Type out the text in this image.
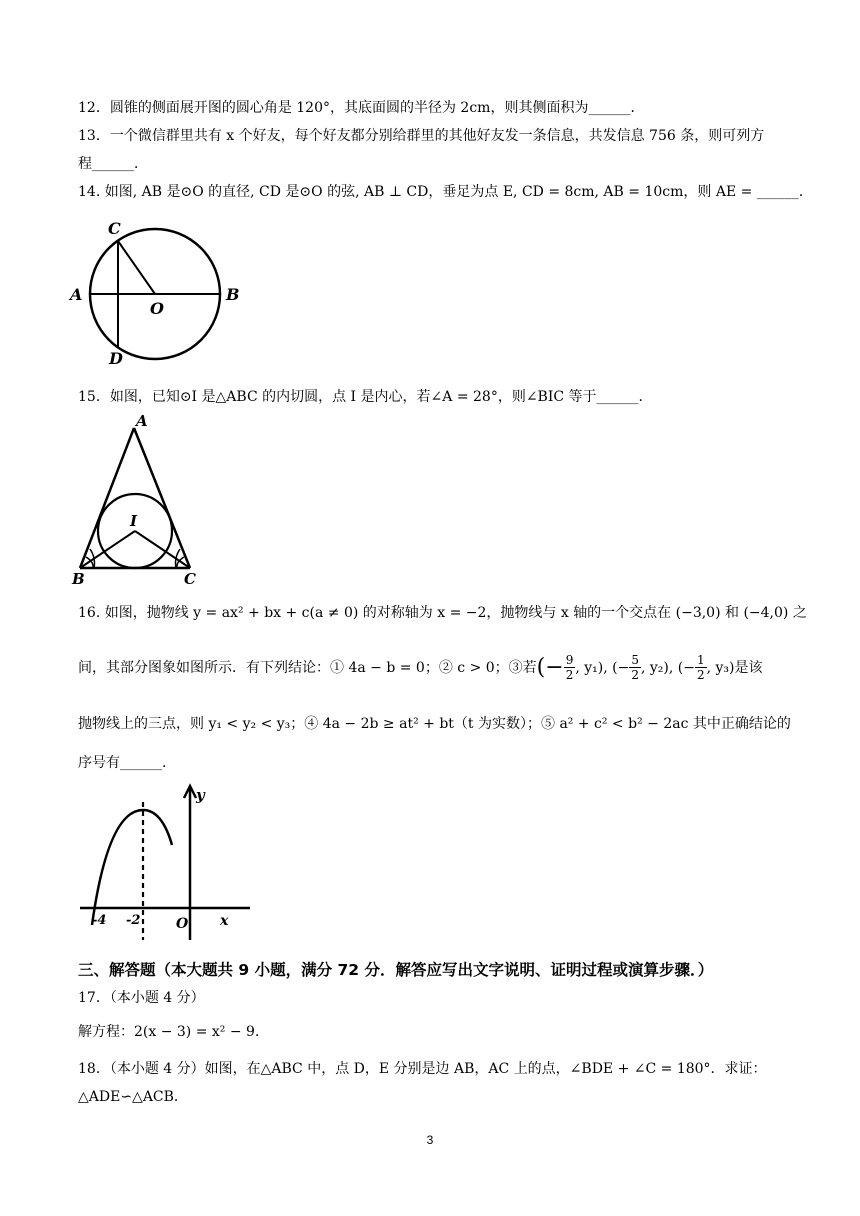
12．圆锥的侧面展开图的圆心角是 120°，其底面圆的半径为 2cm，则其侧面积为______．
13．一个微信群里共有 x 个好友，每个好友都分别给群里的其他好友发一条信息，共发信息 756 条，则可列方
程______．
14. 如图, AB 是⊙O 的直径, CD 是⊙O 的弦, AB ⊥ CD，垂足为点 E, CD = 8cm, AB = 10cm，则 AE = ______.
C
A
O
B
D
15．如图，已知⊙I 是△ABC 的内切圆，点 I 是内心，若∠A = 28°，则∠BIC 等于______．
A
I
B	C
16. 如图，抛物线 y = ax² + bx + c(a ≠ 0) 的对称轴为 x = −2，抛物线与 x 轴的一个交点在 (−3,0) 和 (−4,0) 之
间，其部分图象如图所示．有下列结论：① 4a − b = 0；② c > 0；③若 (− $\frac{9}{2}$ , y₁), (− $\frac{5}{2}$ , y₂), (− $\frac{1}{2}$ , y₃) 是该
抛物线上的三点，则 y₁ < y₂ < y₃；④ 4a − 2b ≥ at² + bt（t 为实数）；⑤ a² + c² < b² − 2ac 其中正确结论的
序号有______．
y
x
-4 -2	O
三、解答题（本大题共 9 小题，满分 72 分．解答应写出文字说明、证明过程或演算步骤．）
17．（本小题 4 分）
解方程：2(x − 3) = x² − 9．
18．（本小题 4 分）如图，在△ABC 中，点 D，E 分别是边 AB，AC 上的点，∠BDE + ∠C = 180°．求证：
△ADE∽△ACB．
3
